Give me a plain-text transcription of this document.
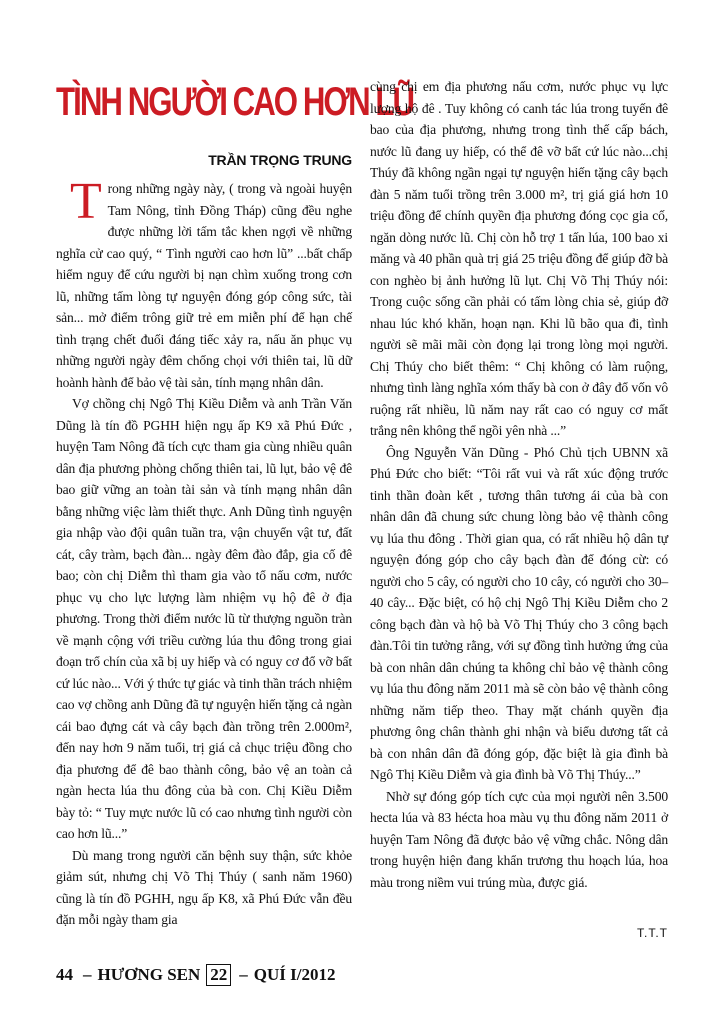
TÌNH NGƯỜI CAO HƠN LŨ
TRẦN TRỌNG TRUNG

Trong những ngày này, ( trong và ngoài huyện Tam Nông, tỉnh Đồng Tháp) cũng đều nghe được những lời tấm tắc khen ngợi về những nghĩa cử cao quý, “ Tình người cao hơn lũ” ...bất chấp hiểm nguy để cứu người bị nạn chìm xuống trong cơn lũ, những tấm lòng tự nguyện đóng góp công sức, tài sản... mở điểm trông giữ trẻ em miễn phí để hạn chế tình trạng chết đuối đáng tiếc xảy ra, nấu ăn phục vụ những người ngày đêm chống chọi với thiên tai, lũ dữ hoành hành để bảo vệ tài sản, tính mạng nhân dân.

Vợ chồng chị Ngô Thị Kiều Diễm và anh Trần Văn Dũng là tín đồ PGHH hiện ngụ ấp K9 xã Phú Đức , huyện Tam Nông đã tích cực tham gia cùng nhiều quân dân địa phương phòng chống thiên tai, lũ lụt, bảo vệ đê bao giữ vững an toàn tài sản và tính mạng nhân dân bằng những việc làm thiết thực. Anh Dũng tình nguyện gia nhập vào đội quân tuần tra, vận chuyển vật tư, đất cát, cây tràm, bạch đàn... ngày đêm đào đắp, gia cố đê bao; còn chị Diễm thì tham gia vào tổ nấu cơm, nước phục vụ cho lực lượng làm nhiệm vụ hộ đê ở địa phương. Trong thời điểm nước lũ từ thượng nguồn tràn về mạnh cộng với triều cường lúa thu đông trong giai đoạn trổ chín của xã bị uy hiếp và có nguy cơ đổ vỡ bất cứ lúc nào... Với ý thức tự giác và tinh thần trách nhiệm cao vợ chồng anh Dũng đã tự nguyện hiến tặng cả ngàn cái bao đựng cát và cây bạch đàn trồng trên 2.000m², đến nay hơn 9 năm tuổi, trị giá cả chục triệu đồng cho địa phương để đê bao thành công, bảo vệ an toàn cả ngàn hecta lúa thu đông của bà con. Chị Kiều Diễm bày tỏ: “ Tuy mực nước lũ có cao nhưng tình người còn cao hơn lũ...”

Dù mang trong người căn bệnh suy thận, sức khỏe giảm sút, nhưng chị Võ Thị Thúy ( sanh năm 1960) cũng là tín đồ PGHH, ngụ ấp K8, xã Phú Đức vẫn đều đặn mỗi ngày tham gia

cùng chị em địa phương nấu cơm, nước phục vụ lực lượng hộ đê . Tuy không có canh tác lúa trong tuyến đê bao của địa phương, nhưng trong tình thế cấp bách, nước lũ đang uy hiếp, có thể đê vỡ bất cứ lúc nào...chị Thúy đã không ngần ngại tự nguyện hiến tặng cây bạch đàn 5 năm tuổi trồng trên 3.000 m², trị giá giá hơn 10 triệu đồng để chính quyền địa phương đóng cọc gia cố, ngăn dòng nước lũ. Chị còn hỗ trợ 1 tấn lúa, 100 bao xi măng và 40 phần quà trị giá 25 triệu đồng để giúp đỡ bà con nghèo bị ảnh hưởng lũ lụt. Chị Võ Thị Thúy nói: Trong cuộc sống cần phải có tấm lòng chia sẻ, giúp đỡ nhau lúc khó khăn, hoạn nạn. Khi lũ bão qua đi, tình người sẽ mãi mãi còn đọng lại trong lòng mọi người. Chị Thúy cho biết thêm: “ Chị không có làm ruộng, nhưng tình làng nghĩa xóm thấy bà con ở đây đổ vốn vô ruộng rất nhiều, lũ năm nay rất cao có nguy cơ mất trắng nên không thể ngồi yên nhà ...”

Ông Nguyễn Văn Dũng - Phó Chủ tịch UBNN xã Phú Đức cho biết: “Tôi rất vui và rất xúc động trước tinh thần đoàn kết , tương thân tương ái của bà con nhân dân đã chung sức chung lòng bảo vệ thành công vụ lúa thu đông . Thời gian qua, có rất nhiều hộ dân tự nguyện đóng góp cho cây bạch đàn để đóng cừ: có người cho 5 cây, có người cho 10 cây, có người cho 30–40 cây... Đặc biệt, có hộ chị Ngô Thị Kiều Diễm cho 2 công bạch đàn và hộ bà Võ Thị Thúy cho 3 công bạch đàn.Tôi tin tưởng rằng, với sự đồng tình hưởng ứng của bà con nhân dân chúng ta không chỉ bảo vệ thành công vụ lúa thu đông năm 2011 mà sẽ còn bảo vệ thành công những năm tiếp theo. Thay mặt chánh quyền địa phương ông chân thành ghi nhận và biểu dương tất cả bà con nhân dân đã đóng góp, đặc biệt là gia đình bà Ngô Thị Kiều Diễm và gia đình bà Võ Thị Thúy...”

Nhờ sự đóng góp tích cực của mọi người nên 3.500 hecta lúa và 83 hécta hoa màu vụ thu đông năm 2011 ở huyện Tam Nông đã được bảo vệ vững chắc. Nông dân trong huyện hiện đang khẩn trương thu hoạch lúa, hoa màu trong niềm vui trúng mùa, được giá.

T.T.T
44 – HƯƠNG SEN 22 – QUÍ I/2012
